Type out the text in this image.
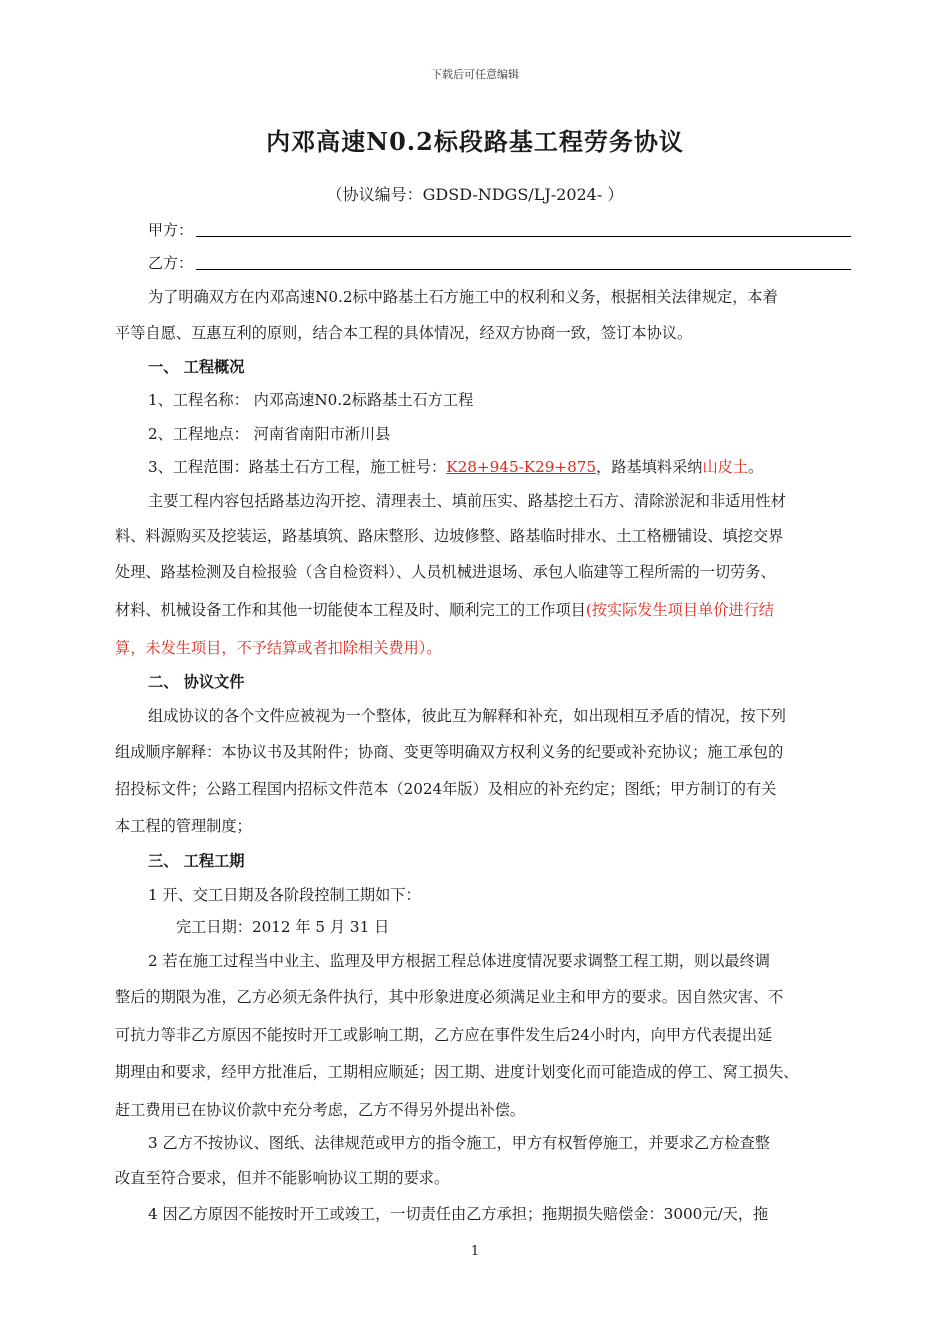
下载后可任意编辑
内邓高速N0.2标段路基工程劳务协议
（协议编号：GDSD-NDGS/LJ-2024- ）
甲方：
乙方：
为了明确双方在内邓高速N0.2标中路基土石方施工中的权利和义务，根据相关法律规定，本着
平等自愿、互惠互利的原则，结合本工程的具体情况，经双方协商一致，签订本协议。
一、 工程概况
1、工程名称： 内邓高速N0.2标路基土石方工程
2、工程地点： 河南省南阳市淅川县
3、工程范围：路基土石方工程，施工桩号：K28+945-K29+875，路基填料采纳山皮土。
主要工程内容包括路基边沟开挖、清理表土、填前压实、路基挖土石方、清除淤泥和非适用性材
料、料源购买及挖装运，路基填筑、路床整形、边坡修整、路基临时排水、土工格栅铺设、填挖交界
处理、路基检测及自检报验（含自检资料）、人员机械进退场、承包人临建等工程所需的一切劳务、
材料、机械设备工作和其他一切能使本工程及时、顺利完工的工作项目(按实际发生项目单价进行结
算，未发生项目，不予结算或者扣除相关费用）。
二、 协议文件
组成协议的各个文件应被视为一个整体，彼此互为解释和补充，如出现相互矛盾的情况，按下列
组成顺序解释：本协议书及其附件；协商、变更等明确双方权利义务的纪要或补充协议；施工承包的
招投标文件；公路工程国内招标文件范本（2024年版）及相应的补充约定；图纸；甲方制订的有关
本工程的管理制度；
三、 工程工期
1 开、交工日期及各阶段控制工期如下：
完工日期：2012 年 5 月 31 日
2 若在施工过程当中业主、监理及甲方根据工程总体进度情况要求调整工程工期，则以最终调
整后的期限为准，乙方必须无条件执行，其中形象进度必须满足业主和甲方的要求。因自然灾害、不
可抗力等非乙方原因不能按时开工或影响工期，乙方应在事件发生后24小时内，向甲方代表提出延
期理由和要求，经甲方批准后，工期相应顺延；因工期、进度计划变化而可能造成的停工、窝工损失、
赶工费用已在协议价款中充分考虑，乙方不得另外提出补偿。
3 乙方不按协议、图纸、法律规范或甲方的指令施工，甲方有权暂停施工，并要求乙方检查整
改直至符合要求，但并不能影响协议工期的要求。
4 因乙方原因不能按时开工或竣工，一切责任由乙方承担；拖期损失赔偿金：3000元/天，拖
1
